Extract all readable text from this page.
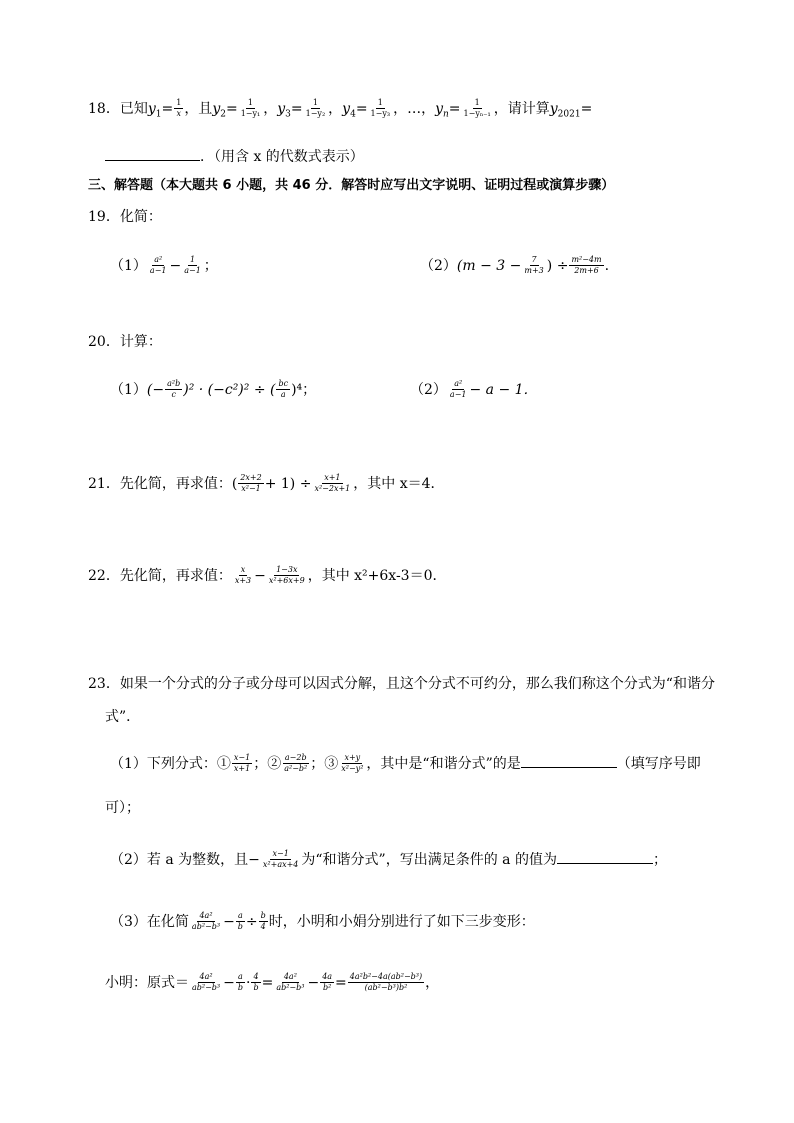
18．已知$y_1= \frac{1}{x}$ ，且$y_2= \frac{1}{\text{1−y₁}}$ ，$y_3= \frac{1}{\text{1−y₂}}$ ，$y_4= \frac{1}{\text{1−y₃}}$ ，…，$y_n= \frac{1}{\text{1−yₙ₋₁}}$ ，请计算$y_{2021}=$
．（用含 x 的代数式表示）
三、解答题（本大题共 6 小题，共 46 分．解答时应写出文字说明、证明过程或演算步骤）
19．化简：
$(1) \frac{\text{a²}}{a-1} - \frac{1}{a-1}$ ；	$(2)(m - 3 - \frac{7}{m+3}$ ) ÷ $\frac{\text{m²−4m}}{2m+6}$ .
20．计算：
$(1)(- \frac{\text{a²b}}{c} )^2 \cdot (-c^2)^2$ ÷ ( $\frac{bc}{a} )^4$；	$(2) \frac{\text{a²}}{a-1} - a - 1$．
21．先化简，再求值：( $\frac{2x+2}{\text{x²−1}} + 1) \div \frac{x+1}{\text{x²−2x+1}}$ ，其中 x＝4．
22．先化简，再求值： $\frac{x}{x+3} - \frac{1-3x}{\text{x²+6x+9}}$ ，其中 x²+6x-3＝0．
23．如果一个分式的分子或分母可以因式分解，且这个分式不可约分，那么我们称这个分式为“和谐分
式”．
（1）下列分式：① $\frac{x-1}{x+1}$ ；② $\frac{a-2b}{\text{a²−b²}}$ ；③ $\frac{x+y}{\text{x²−y²}}$ ，其中是“和谐分式”的是	（填写序号即
可）；
（2）若 a 为整数，且− $\frac{x-1}{\text{x²+ax+4}}$ 为“和谐分式”，写出满足条件的 a 的值为	；
（3）在化简 $\frac{\text{4a²}}{\text{ab²−b³}} - \frac{a}{b} \div \frac{b}{4}$ 时，小明和小娟分别进行了如下三步变形：
小明：原式＝ $\frac{\text{4a²}}{\text{ab²−b³}} - \frac{a}{b} \cdot \frac{4}{b} = \frac{\text{4a²}}{\text{ab²−b³}} - \frac{4a}{\text{b²}} = \frac{\text{4a²b²−4a(ab²−b³)}}{\text{(ab²−b³)b²}}$ ，
